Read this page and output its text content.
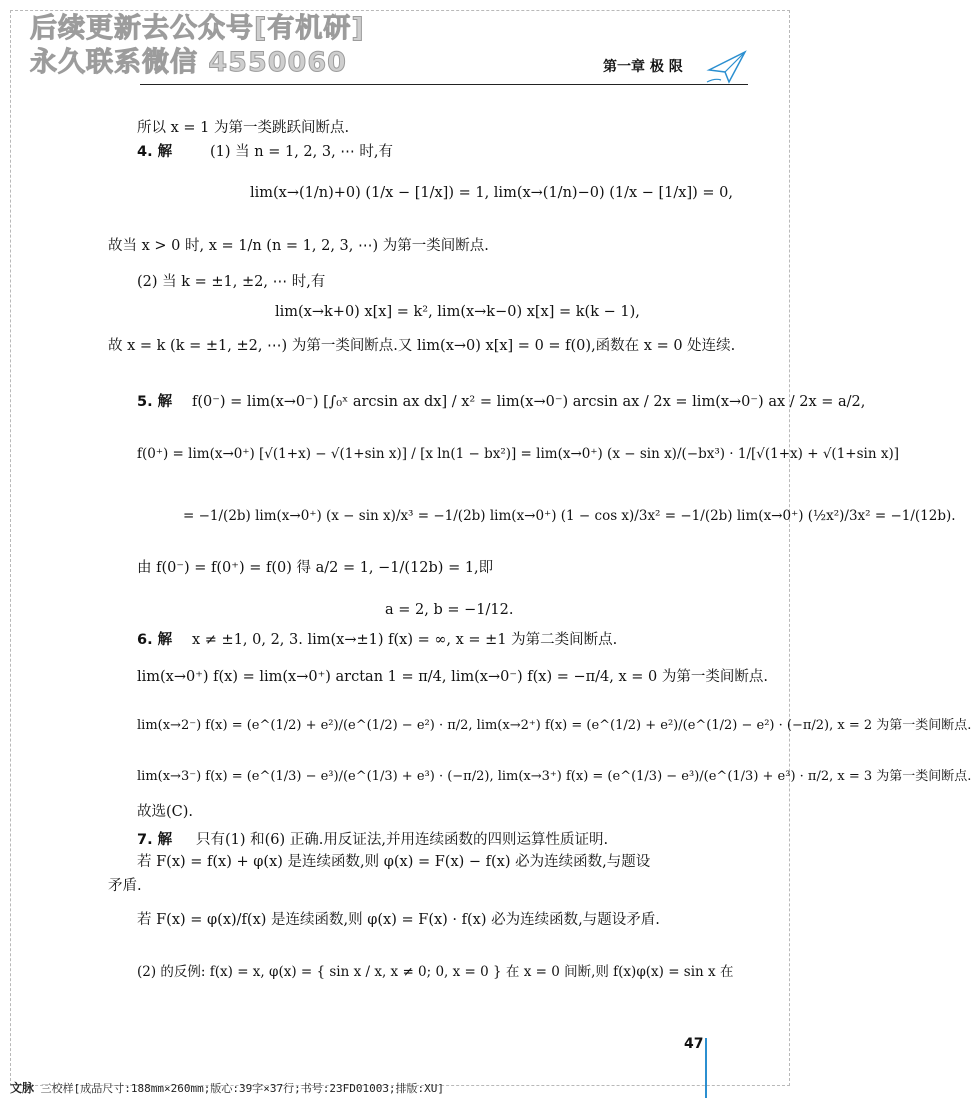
后续更新去公众号[有机研]
永久联系微信 4550060	第一章 极 限
所以 x = 1 为第一类跳跃间断点.
4. 解	(1) 当 n = 1, 2, 3, ⋯ 时,有
lim(x→(1/n)+0) (1/x − [1/x]) = 1, lim(x→(1/n)−0) (1/x − [1/x]) = 0,
故当 x > 0 时, x = 1/n (n = 1, 2, 3, ⋯) 为第一类间断点.
(2) 当 k = ±1, ±2, ⋯ 时,有
lim(x→k+0) x[x] = k², lim(x→k−0) x[x] = k(k − 1),
故 x = k (k = ±1, ±2, ⋯) 为第一类间断点.又 lim(x→0) x[x] = 0 = f(0),函数在 x = 0 处连续.
5. 解 f(0⁻) = lim(x→0⁻) [∫₀ˣ arcsin ax dx] / x² = lim(x→0⁻) arcsin ax / 2x = lim(x→0⁻) ax / 2x = a/2,
f(0⁺) = lim(x→0⁺) [√(1+x) − √(1+sin x)] / [x ln(1 − bx²)] = lim(x→0⁺) (x − sin x)/(−bx³) · 1/[√(1+x) + √(1+sin x)]
= −1/(2b) lim(x→0⁺) (x − sin x)/x³ = −1/(2b) lim(x→0⁺) (1 − cos x)/3x² = −1/(2b) lim(x→0⁺) (½x²)/3x² = −1/(12b).
由 f(0⁻) = f(0⁺) = f(0) 得 a/2 = 1, −1/(12b) = 1,即
a = 2, b = −1/12.
6. 解 x ≠ ±1, 0, 2, 3. lim(x→±1) f(x) = ∞, x = ±1 为第二类间断点.
lim(x→0⁺) f(x) = lim(x→0⁺) arctan 1 = π/4, lim(x→0⁻) f(x) = −π/4, x = 0 为第一类间断点.
lim(x→2⁻) f(x) = (e^(1/2) + e²)/(e^(1/2) − e²) · π/2, lim(x→2⁺) f(x) = (e^(1/2) + e²)/(e^(1/2) − e²) · (−π/2), x = 2 为第一类间断点.
lim(x→3⁻) f(x) = (e^(1/3) − e³)/(e^(1/3) + e³) · (−π/2), lim(x→3⁺) f(x) = (e^(1/3) − e³)/(e^(1/3) + e³) · π/2, x = 3 为第一类间断点.
故选(C).
7. 解 只有(1) 和(6) 正确.用反证法,并用连续函数的四则运算性质证明.
若 F(x) = f(x) + φ(x) 是连续函数,则 φ(x) = F(x) − f(x) 必为连续函数,与题设
矛盾.
若 F(x) = φ(x)/f(x) 是连续函数,则 φ(x) = F(x) · f(x) 必为连续函数,与题设矛盾.
(2) 的反例: f(x) = x, φ(x) = { sin x / x, x ≠ 0; 0, x = 0 } 在 x = 0 间断,则 f(x)φ(x) = sin x 在
47
文脉 三校样[成品尺寸:188mm×260mm;版心:39字×37行;书号:23FD01003;排版:XU]
